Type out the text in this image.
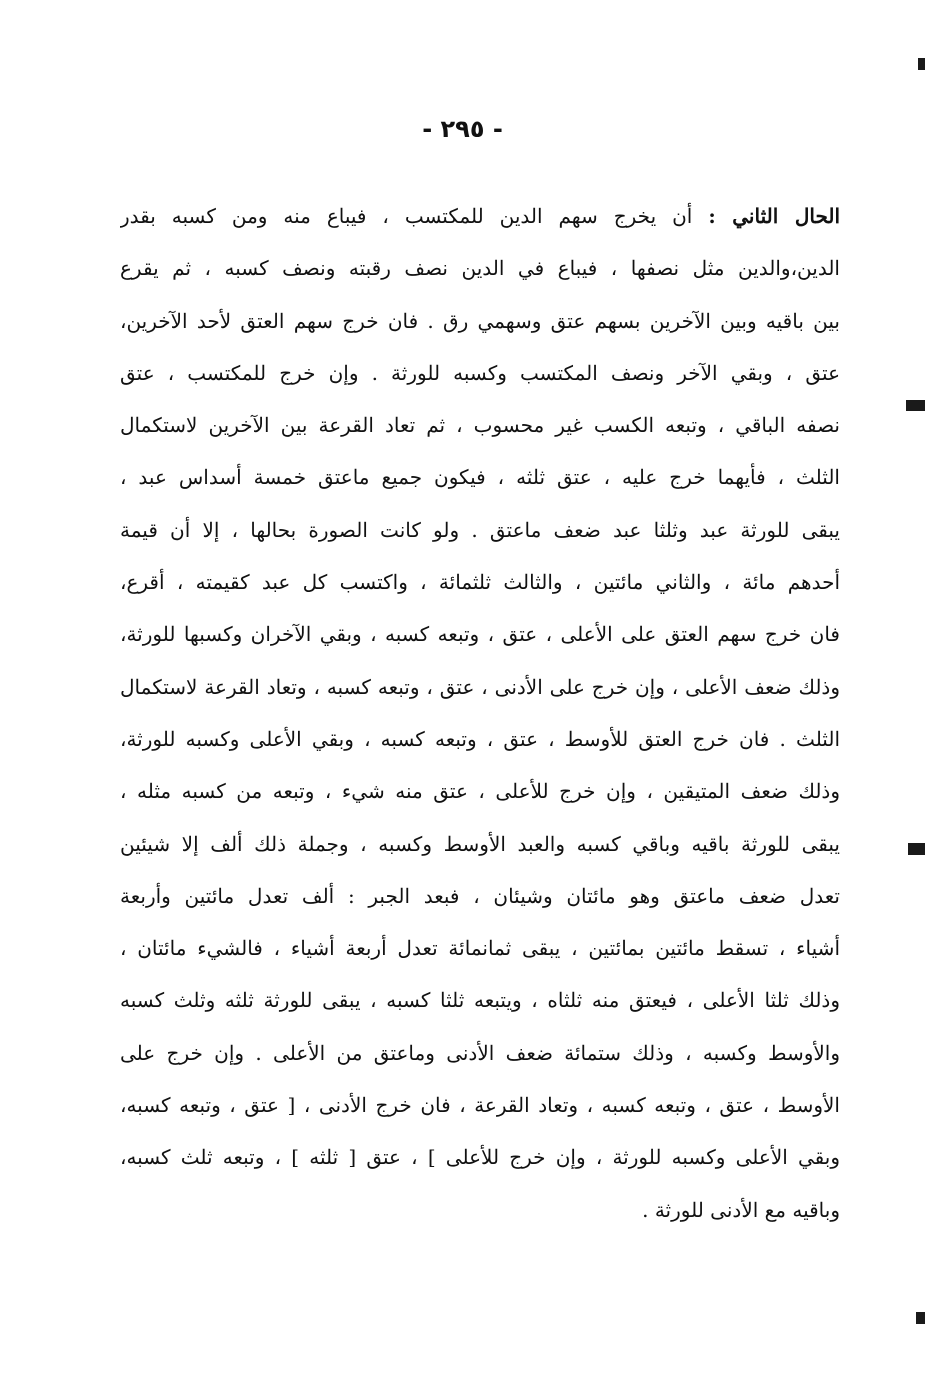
- ٢٩٥ -
الحال الثاني : أن يخرج سهم الدين للمكتسب ، فيباع منه ومن كسبه بقدر
الدين،والدين مثل نصفها ، فيباع في الدين نصف رقبته ونصف كسبه ، ثم يقرع
بين باقيه وبين الآخرين بسهم عتق وسهمي رق . فان خرج سهم العتق لأحد الآخرين،
عتق ، وبقي الآخر ونصف المكتسب وكسبه للورثة . وإن خرج للمكتسب ، عتق
نصفه الباقي ، وتبعه الكسب غير محسوب ، ثم تعاد القرعة بين الآخرين لاستكمال
الثلث ، فأيهما خرج عليه ، عتق ثلثه ، فيكون جميع ماعتق خمسة أسداس عبد ،
يبقى للورثة عبد وثلثا عبد ضعف ماعتق . ولو كانت الصورة بحالها ، إلا أن قيمة
أحدهم مائة ، والثاني مائتين ، والثالث ثلثمائة ، واكتسب كل عبد كقيمته ، أقرع،
فان خرج سهم العتق على الأعلى ، عتق ، وتبعه كسبه ، وبقي الآخران وكسبها للورثة،
وذلك ضعف الأعلى ، وإن خرج على الأدنى ، عتق ، وتبعه كسبه ، وتعاد القرعة لاستكمال
الثلث . فان خرج العتق للأوسط ، عتق ، وتبعه كسبه ، وبقي الأعلى وكسبه للورثة،
وذلك ضعف المتيقين ، وإن خرج للأعلى ، عتق منه شيء ، وتبعه من كسبه مثله ،
يبقى للورثة باقيه وباقي كسبه والعبد الأوسط وكسبه ، وجملة ذلك ألف إلا شيئين
تعدل ضعف ماعتق وهو مائتان وشيئان ، فبعد الجبر : ألف تعدل مائتين وأربعة
أشياء ، تسقط مائتين بمائتين ، يبقى ثمانمائة تعدل أربعة أشياء ، فالشيء مائتان ،
وذلك ثلثا الأعلى ، فيعتق منه ثلثاه ، ويتبعه ثلثا كسبه ، يبقى للورثة ثلثه وثلث كسبه
والأوسط وكسبه ، وذلك ستمائة ضعف الأدنى وماعتق من الأعلى . وإن خرج على
الأوسط ، عتق ، وتبعه كسبه ، وتعاد القرعة ، فان خرج الأدنى ، [ عتق ، وتبعه كسبه،
وبقي الأعلى وكسبه للورثة ، وإن خرج للأعلى ] ، عتق [ ثلثه ] ، وتبعه ثلث كسبه،
وباقيه مع الأدنى للورثة .
